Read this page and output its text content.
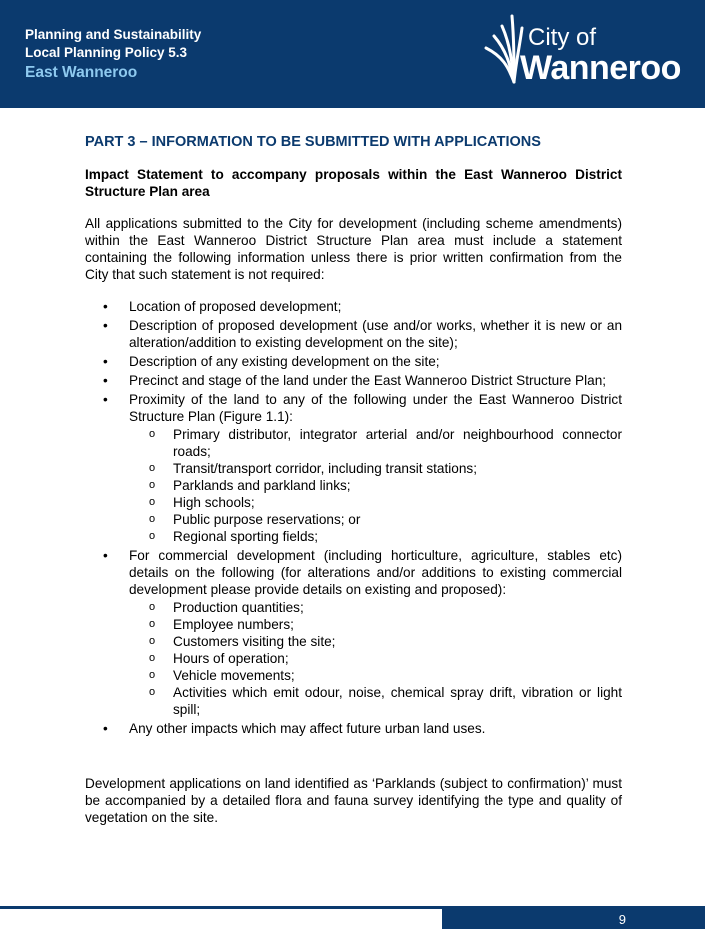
Planning and Sustainability
Local Planning Policy 5.3
East Wanneroo
City of
Wanneroo
PART 3 – INFORMATION TO BE SUBMITTED WITH APPLICATIONS
Impact Statement to accompany proposals within the East Wanneroo District Structure Plan area
All applications submitted to the City for development (including scheme amendments) within the East Wanneroo District Structure Plan area must include a statement containing the following information unless there is prior written confirmation from the City that such statement is not required:
• Location of proposed development;
• Description of proposed development (use and/or works, whether it is new or an alteration/addition to existing development on the site);
• Description of any existing development on the site;
• Precinct and stage of the land under the East Wanneroo District Structure Plan;
• Proximity of the land to any of the following under the East Wanneroo District Structure Plan (Figure 1.1):
o Primary distributor, integrator arterial and/or neighbourhood connector roads;
o Transit/transport corridor, including transit stations;
o Parklands and parkland links;
o High schools;
o Public purpose reservations; or
o Regional sporting fields;
• For commercial development (including horticulture, agriculture, stables etc) details on the following (for alterations and/or additions to existing commercial development please provide details on existing and proposed):
o Production quantities;
o Employee numbers;
o Customers visiting the site;
o Hours of operation;
o Vehicle movements;
o Activities which emit odour, noise, chemical spray drift, vibration or light spill;
• Any other impacts which may affect future urban land uses.
Development applications on land identified as ‘Parklands (subject to confirmation)’ must be accompanied by a detailed flora and fauna survey identifying the type and quality of vegetation on the site.
9
